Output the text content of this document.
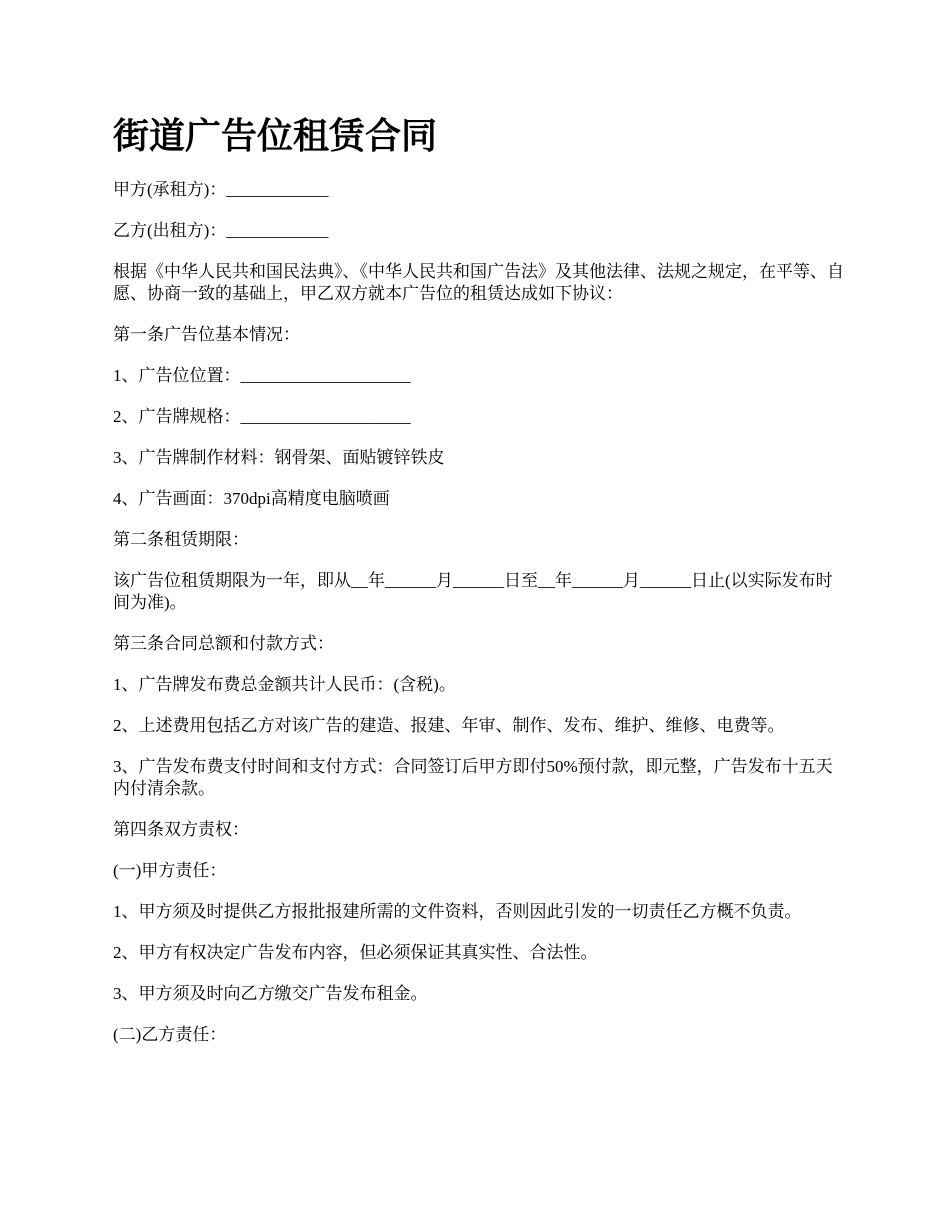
街道广告位租赁合同

甲方(承租方)：____________

乙方(出租方)：____________

根据《中华人民共和国民法典》、《中华人民共和国广告法》及其他法律、法规之规定，在平等、自愿、协商一致的基础上，甲乙双方就本广告位的租赁达成如下协议：

第一条广告位基本情况：

1、广告位位置：____________________

2、广告牌规格：____________________

3、广告牌制作材料：钢骨架、面贴镀锌铁皮

4、广告画面：370dpi高精度电脑喷画

第二条租赁期限：

该广告位租赁期限为一年，即从__年______月______日至__年______月______日止(以实际发布时间为准)。

第三条合同总额和付款方式：

1、广告牌发布费总金额共计人民币：(含税)。

2、上述费用包括乙方对该广告的建造、报建、年审、制作、发布、维护、维修、电费等。

3、广告发布费支付时间和支付方式：合同签订后甲方即付50%预付款，即元整，广告发布十五天内付清余款。

第四条双方责权：

(一)甲方责任：

1、甲方须及时提供乙方报批报建所需的文件资料，否则因此引发的一切责任乙方概不负责。

2、甲方有权决定广告发布内容，但必须保证其真实性、合法性。

3、甲方须及时向乙方缴交广告发布租金。

(二)乙方责任：
